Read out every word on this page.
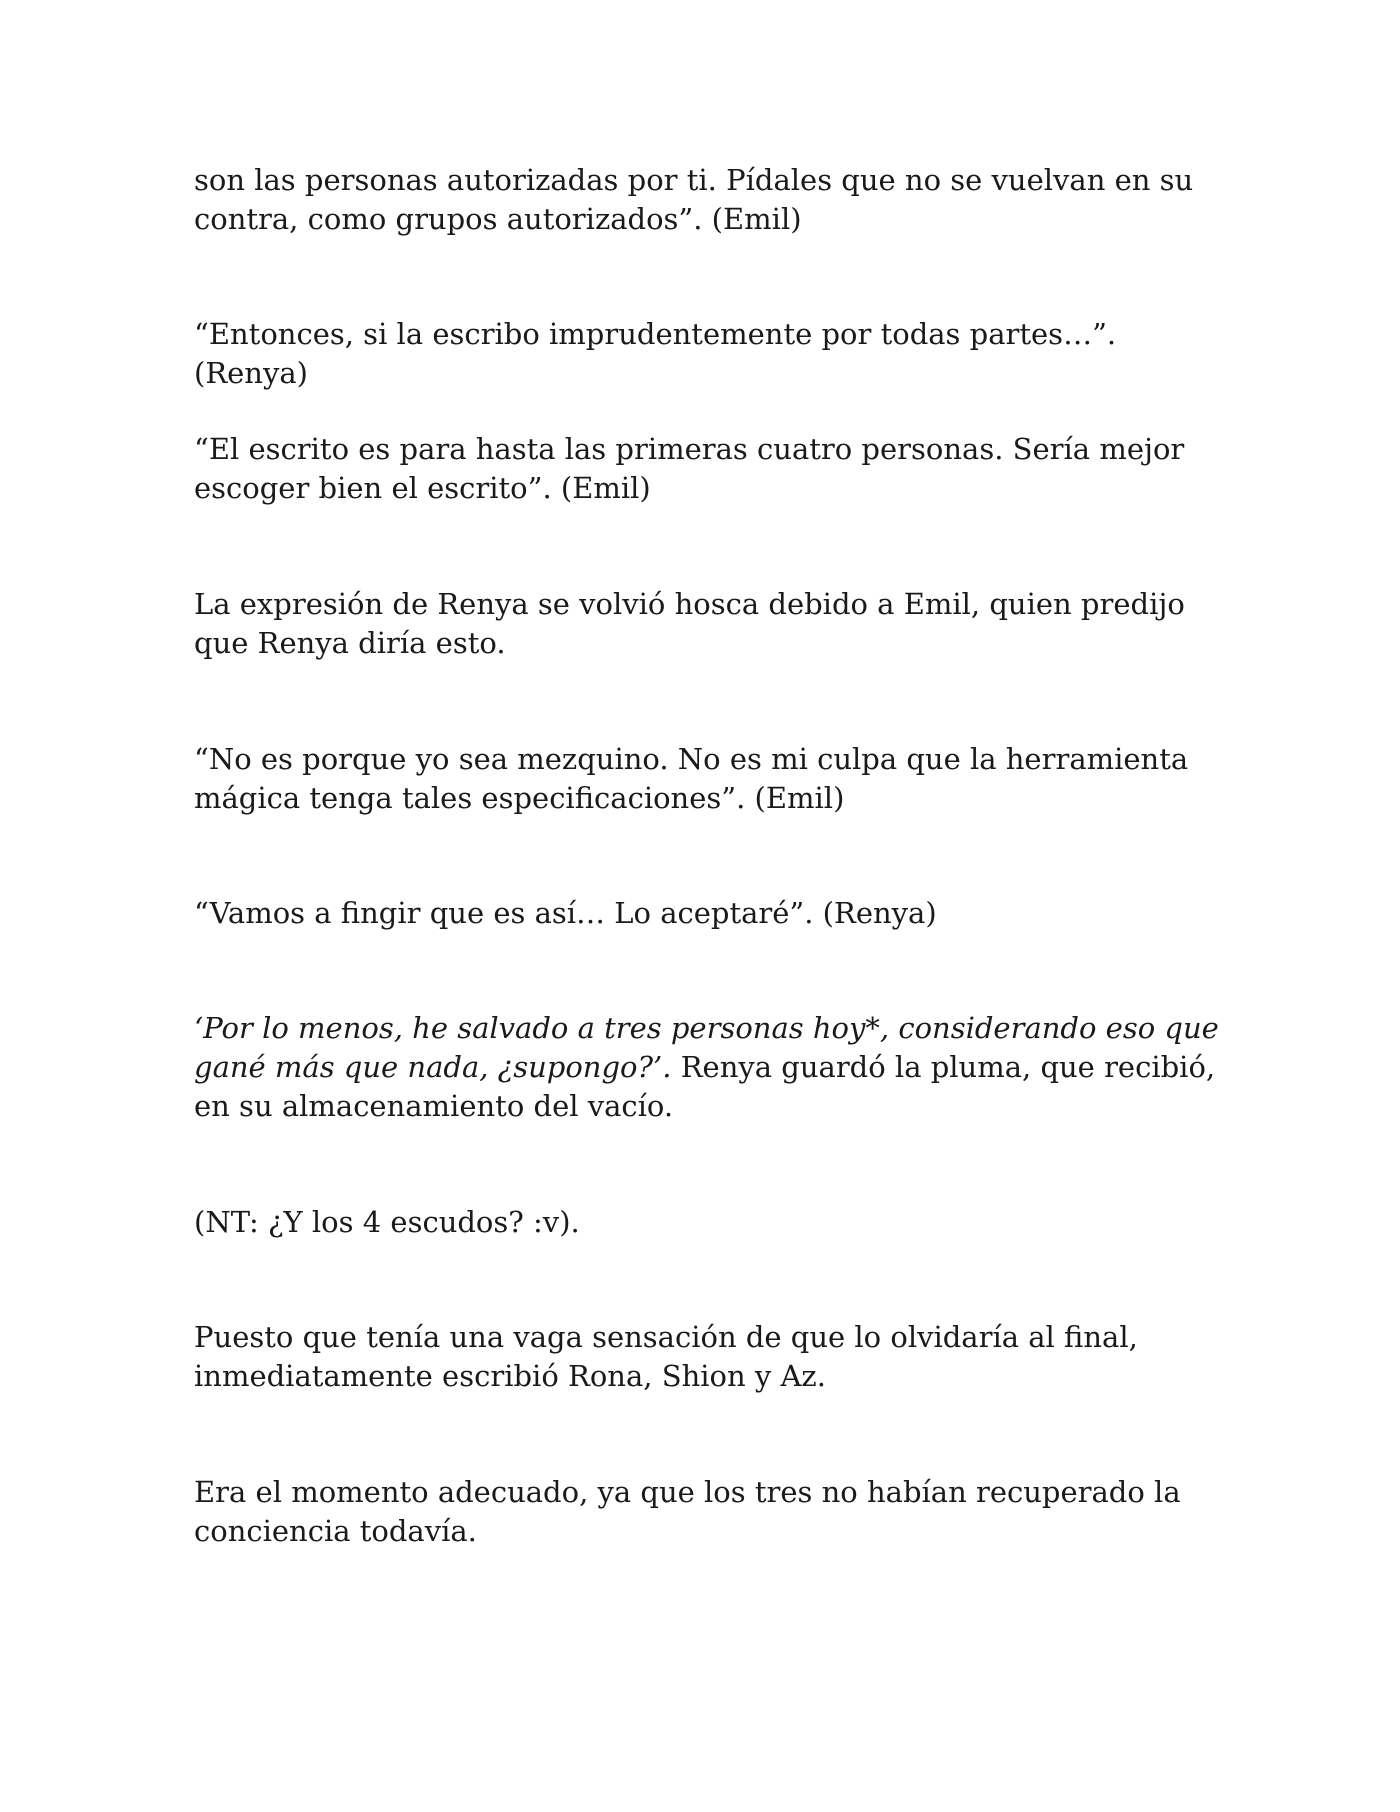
son las personas autorizadas por ti. Pídales que no se vuelvan en su contra, como grupos autorizados”. (Emil)

“Entonces, si la escribo imprudentemente por todas partes…”. (Renya)

“El escrito es para hasta las primeras cuatro personas. Sería mejor escoger bien el escrito”. (Emil)

La expresión de Renya se volvió hosca debido a Emil, quien predijo que Renya diría esto.

“No es porque yo sea mezquino. No es mi culpa que la herramienta mágica tenga tales especificaciones”. (Emil)

“Vamos a fingir que es así… Lo aceptaré”. (Renya)

‘Por lo menos, he salvado a tres personas hoy*, considerando eso que gané más que nada, ¿supongo?’. Renya guardó la pluma, que recibió, en su almacenamiento del vacío.

(NT: ¿Y los 4 escudos? :v).

Puesto que tenía una vaga sensación de que lo olvidaría al final, inmediatamente escribió Rona, Shion y Az.

Era el momento adecuado, ya que los tres no habían recuperado la conciencia todavía.
